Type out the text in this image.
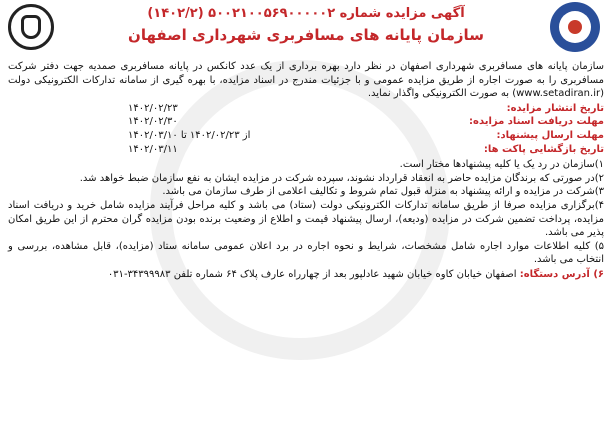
آگهی مزایده شماره ۵۰۰۲۱۰۰۵۶۹۰۰۰۰۰۲ (۱۴۰۲/۲)
سازمان پایانه های مسافربری شهرداری اصفهان

سازمان پایانه های مسافربری شهرداری اصفهان در نظر دارد بهره برداری از یک عدد کانکس در پایانه مسافربری صمدیه جهت دفتر شرکت مسافربری را به صورت اجاره از طریق مزایده عمومی و با جزئیات مندرج در اسناد مزایده، با بهره گیری از سامانه تدارکات الکترونیکی دولت (www.setadiran.ir) به صورت الکترونیکی واگذار نماید.

تاریخ انتشار مزایده:
۱۴۰۲/۰۲/۲۳
مهلت دریافت اسناد مزایده:
۱۴۰۲/۰۲/۳۰
مهلت ارسال پیشنهاد:
از ۱۴۰۲/۰۲/۲۳ تا ۱۴۰۲/۰۳/۱۰
تاریخ بازگشایی پاکت ها:
۱۴۰۲/۰۳/۱۱

۱)سازمان در رد یک یا کلیه پیشنهادها مختار است.

۲)در صورتی که برندگان مزایده حاضر به انعقاد قرارداد نشوند، سپرده شرکت در مزایده ایشان به نفع سازمان ضبط خواهد شد.

۳)شرکت در مزایده و ارائه پیشنهاد به منزله قبول تمام شروط و تکالیف اعلامی از طرف سازمان می باشد.

۴)برگزاری مزایده صرفا از طریق سامانه تدارکات الکترونیکی دولت (ستاد) می باشد و کلیه مراحل فرآیند مزایده شامل خرید و دریافت اسناد مزایده، پرداخت تضمین شرکت در مزایده (ودیعه)، ارسال پیشنهاد قیمت و اطلاع از وضعیت برنده بودن مزایده گران محترم از این طریق امکان پذیر می باشد.

۵) کلیه اطلاعات موارد اجاره شامل مشخصات، شرایط و نحوه اجاره در برد اعلان عمومی سامانه ستاد (مزایده)، قابل مشاهده، بررسی و انتخاب می باشد.

۶) آدرس دستگاه: اصفهان خیابان کاوه خیابان شهید عادلپور بعد از چهارراه عارف پلاک ۶۴ شماره تلفن ۳۴۳۹۹۹۸۳-۰۳۱
